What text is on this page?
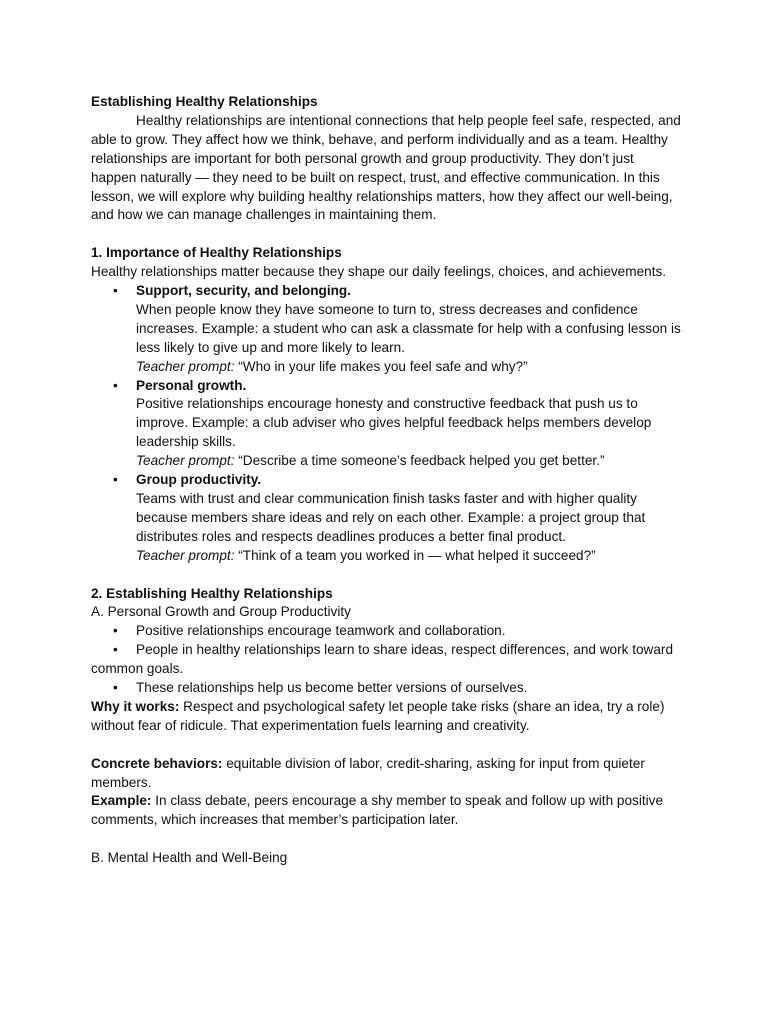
Establishing Healthy Relationships

Healthy relationships are intentional connections that help people feel safe, respected, and able to grow. They affect how we think, behave, and perform individually and as a team. Healthy relationships are important for both personal growth and group productivity. They don’t just happen naturally — they need to be built on respect, trust, and effective communication. In this lesson, we will explore why building healthy relationships matters, how they affect our well-being, and how we can manage challenges in maintaining them.

1. Importance of Healthy Relationships

Healthy relationships matter because they shape our daily feelings, choices, and achievements.

• Support, security, and belonging.

When people know they have someone to turn to, stress decreases and confidence increases. Example: a student who can ask a classmate for help with a confusing lesson is less likely to give up and more likely to learn.

Teacher prompt: “Who in your life makes you feel safe and why?”

• Personal growth.

Positive relationships encourage honesty and constructive feedback that push us to improve. Example: a club adviser who gives helpful feedback helps members develop leadership skills.

Teacher prompt: “Describe a time someone’s feedback helped you get better.”

• Group productivity.

Teams with trust and clear communication finish tasks faster and with higher quality because members share ideas and rely on each other. Example: a project group that distributes roles and respects deadlines produces a better final product.

Teacher prompt: “Think of a team you worked in — what helped it succeed?”

2. Establishing Healthy Relationships

A. Personal Growth and Group Productivity

• Positive relationships encourage teamwork and collaboration.
• People in healthy relationships learn to share ideas, respect differences, and work toward

common goals.

• These relationships help us become better versions of ourselves.

Why it works: Respect and psychological safety let people take risks (share an idea, try a role) without fear of ridicule. That experimentation fuels learning and creativity.

Concrete behaviors: equitable division of labor, credit-sharing, asking for input from quieter members.

Example: In class debate, peers encourage a shy member to speak and follow up with positive comments, which increases that member’s participation later.

B. Mental Health and Well-Being
